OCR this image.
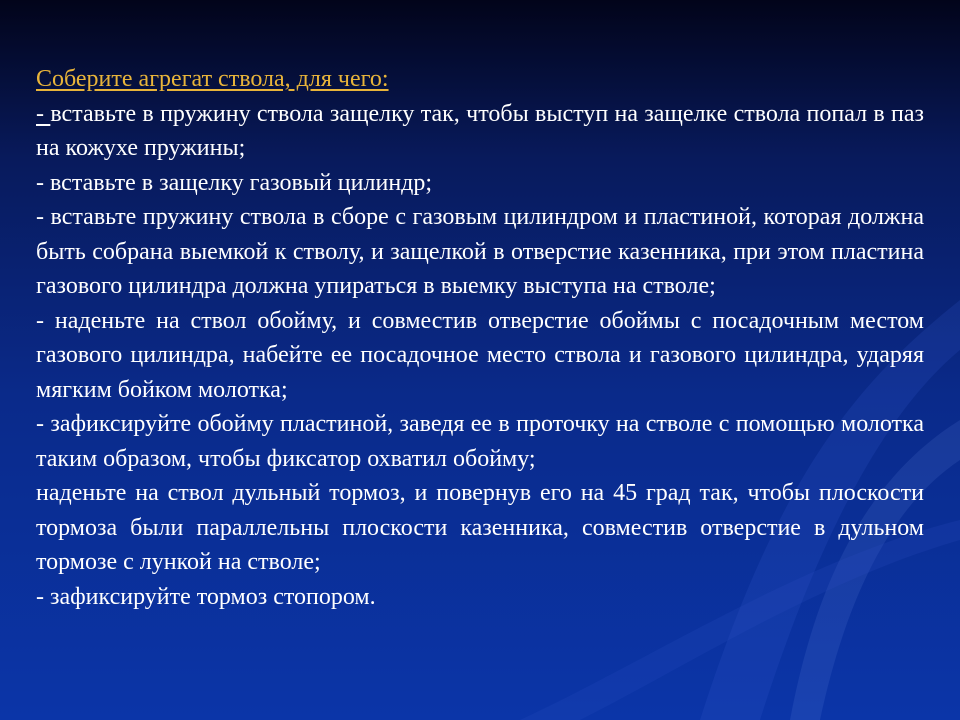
Соберите агрегат ствола, для чего:

- вставьте в пружину ствола защелку так, чтобы выступ на защелке ствола попал в паз на кожухе пружины;

- вставьте в защелку газовый цилиндр;

- вставьте пружину ствола в сборе с газовым цилиндром и пластиной, которая должна быть собрана выемкой к стволу, и защелкой в отверстие казенника, при этом пластина газового цилиндра должна упираться в выемку выступа на стволе;

- наденьте на ствол обойму, и совместив отверстие обоймы с посадочным местом газового цилиндра, набейте ее посадочное место ствола и газового цилиндра, ударяя мягким бойком молотка;

- зафиксируйте обойму пластиной, заведя ее в проточку на стволе с помощью молотка таким образом, чтобы фиксатор охватил обойму;

наденьте на ствол дульный тормоз, и повернув его на 45 град так, чтобы плоскости тормоза были параллельны плоскости казенника, совместив отверстие в дульном тормозе с лункой на стволе;

- зафиксируйте тормоз стопором.
